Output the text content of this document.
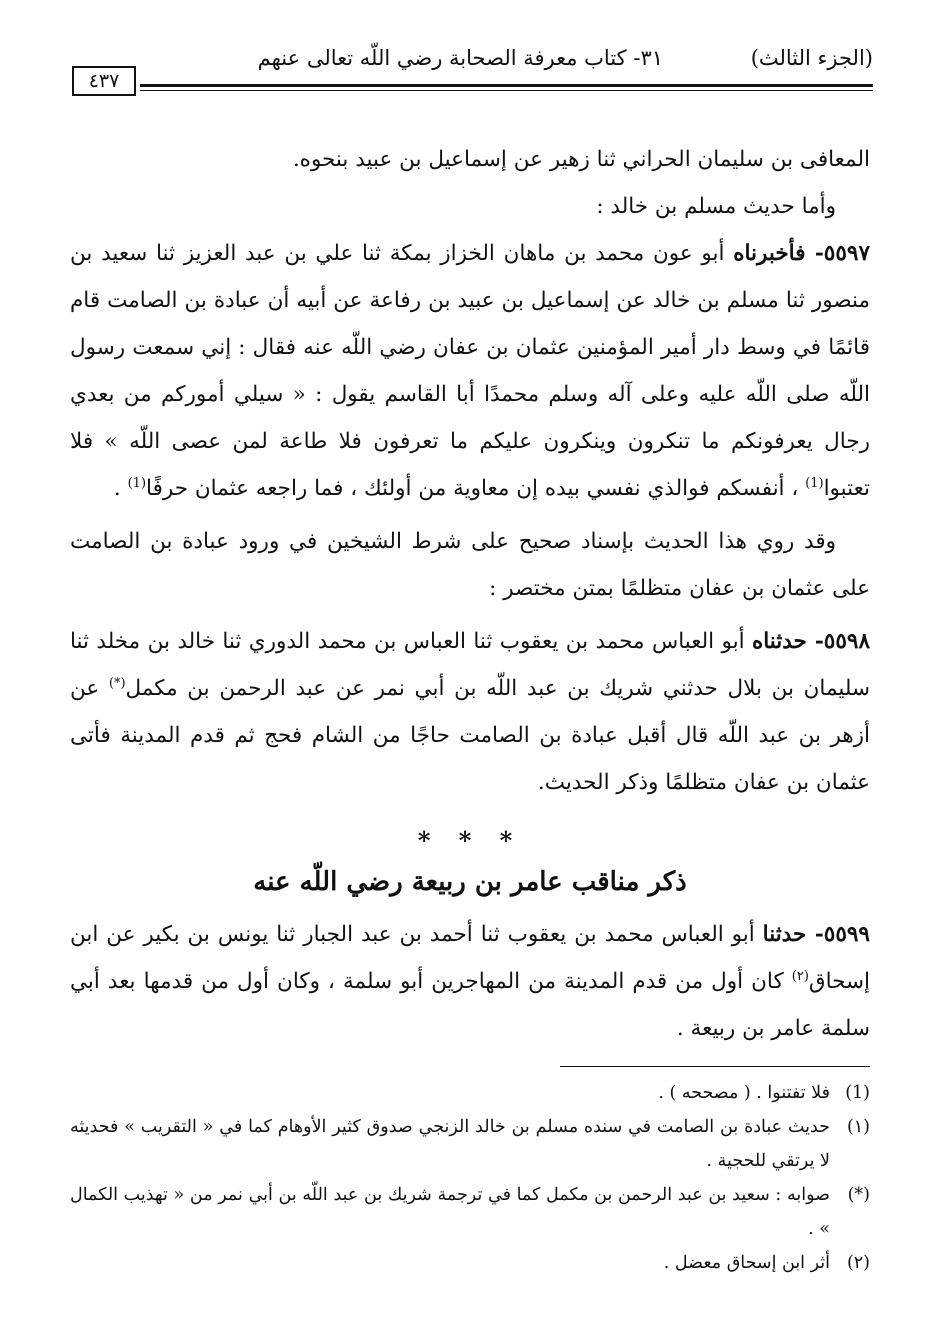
(الجزء الثالث)
٣١- كتاب معرفة الصحابة رضي اللّه تعالى عنهم
٤٣٧

المعافى بن سليمان الحراني ثنا زهير عن إسماعيل بن عبيد بنحوه.

وأما حديث مسلم بن خالد :

٥٥٩٧- فأخبرناه أبو عون محمد بن ماهان الخزاز بمكة ثنا علي بن عبد العزيز ثنا سعيد بن منصور ثنا مسلم بن خالد عن إسماعيل بن عبيد بن رفاعة عن أبيه أن عبادة بن الصامت قام قائمًا في وسط دار أمير المؤمنين عثمان بن عفان رضي اللّه عنه فقال : إني سمعت رسول اللّه صلى اللّه عليه وعلى آله وسلم محمدًا أبا القاسم يقول : « سيلي أموركم من بعدي رجال يعرفونكم ما تنكرون وينكرون عليكم ما تعرفون فلا طاعة لمن عصى اللّه » فلا تعتبوا$^{(1)}$ ، أنفسكم فوالذي نفسي بيده إن معاوية من أولئك ، فما راجعه عثمان حرفًا$^{(1)}$ .

وقد روي هذا الحديث بإسناد صحيح على شرط الشيخين في ورود عبادة بن الصامت على عثمان بن عفان متظلمًا بمتن مختصر :

٥٥٩٨- حدثناه أبو العباس محمد بن يعقوب ثنا العباس بن محمد الدوري ثنا خالد بن مخلد ثنا سليمان بن بلال حدثني شريك بن عبد اللّه بن أبي نمر عن عبد الرحمن بن مكمل(*) عن أزهر بن عبد اللّه قال أقبل عبادة بن الصامت حاجًا من الشام فحج ثم قدم المدينة فأتى عثمان بن عفان متظلمًا وذكر الحديث.

* * *
ذكر مناقب عامر بن ربيعة رضي اللّه عنه

٥٥٩٩- حدثنا أبو العباس محمد بن يعقوب ثنا أحمد بن عبد الجبار ثنا يونس بن بكير عن ابن إسحاق$^{(٢)}$ كان أول من قدم المدينة من المهاجرين أبو سلمة ، وكان أول من قدمها بعد أبي سلمة عامر بن ربيعة .

(1)
فلا تفتنوا . ( مصححه ) .
(١)
حديث عبادة بن الصامت في سنده مسلم بن خالد الزنجي صدوق كثير الأوهام كما في « التقريب » فحديثه لا يرتقي للحجية .
(*)
صوابه : سعيد بن عبد الرحمن بن مكمل كما في ترجمة شريك بن عبد اللّه بن أبي نمر من « تهذيب الكمال » .
(٢)
أثر ابن إسحاق معضل .
